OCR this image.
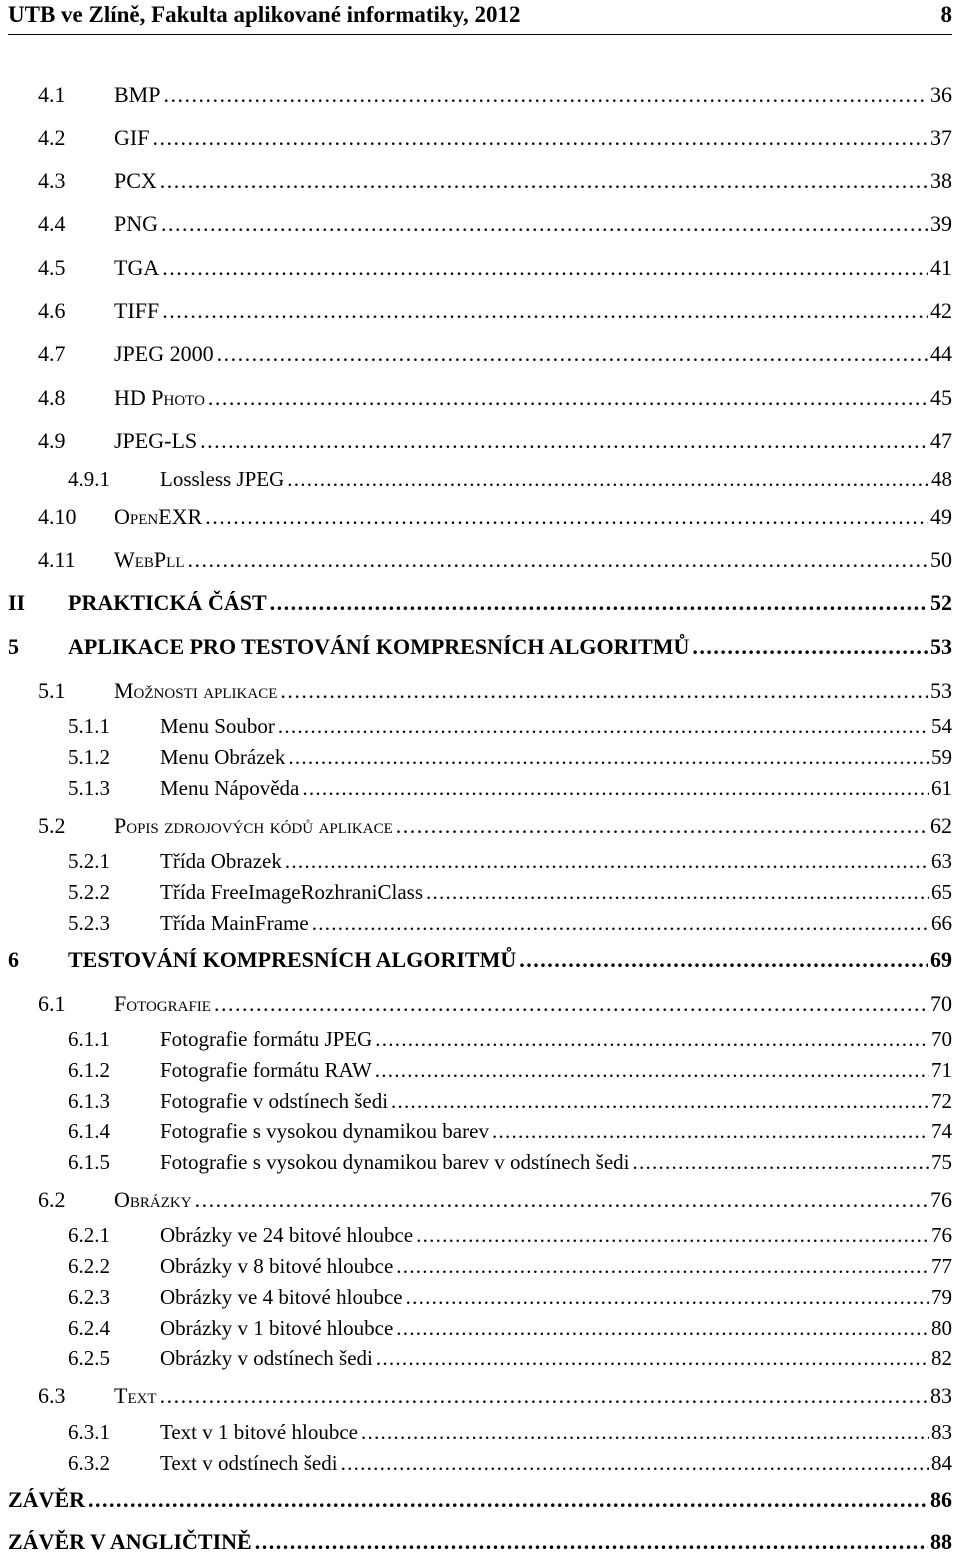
UTB ve Zlíně, Fakulta aplikované informatiky, 2012	8
4.1 BMP . . .	36
4.2 GIF . . .	37
4.3 PCX . . .	38
4.4 PNG . . .	39
4.5 TGA . . .	41
4.6 TIFF . . .	42
4.7 JPEG 2000 . . .	44
4.8 HD Photo . . .	45
4.9 JPEG-LS . . .	47
4.9.1 Lossless JPEG . . .	48
4.10 OpenEXR . . .	49
4.11 WebPll . . .	50
II PRAKTICKÁ ČÁST . . .	52
5 APLIKACE PRO TESTOVÁNÍ KOMPRESNÍCH ALGORITMŮ . . .	53
5.1 Možnosti aplikace . . .	53
5.1.1 Menu Soubor . . .	54
5.1.2 Menu Obrázek . . .	59
5.1.3 Menu Nápověda . . .	61
5.2 Popis zdrojových kódů aplikace . . .	62
5.2.1 Třída Obrazek . . .	63
5.2.2 Třída FreeImageRozhraniClass . . .	65
5.2.3 Třída MainFrame . . .	66
6 TESTOVÁNÍ KOMPRESNÍCH ALGORITMŮ . . .	69
6.1 Fotografie . . .	70
6.1.1 Fotografie formátu JPEG . . .	70
6.1.2 Fotografie formátu RAW . . .	71
6.1.3 Fotografie v odstínech šedi . . .	72
6.1.4 Fotografie s vysokou dynamikou barev . . .	74
6.1.5 Fotografie s vysokou dynamikou barev v odstínech šedi . . .	75
6.2 Obrázky . . .	76
6.2.1 Obrázky ve 24 bitové hloubce . . .	76
6.2.2 Obrázky v 8 bitové hloubce . . .	77
6.2.3 Obrázky ve 4 bitové hloubce . . .	79
6.2.4 Obrázky v 1 bitové hloubce . . .	80
6.2.5 Obrázky v odstínech šedi . . .	82
6.3 Text . . .	83
6.3.1 Text v 1 bitové hloubce . . .	83
6.3.2 Text v odstínech šedi . . .	84
ZÁVĚR . . .	86
ZÁVĚR V ANGLIČTINĚ . . .	88
